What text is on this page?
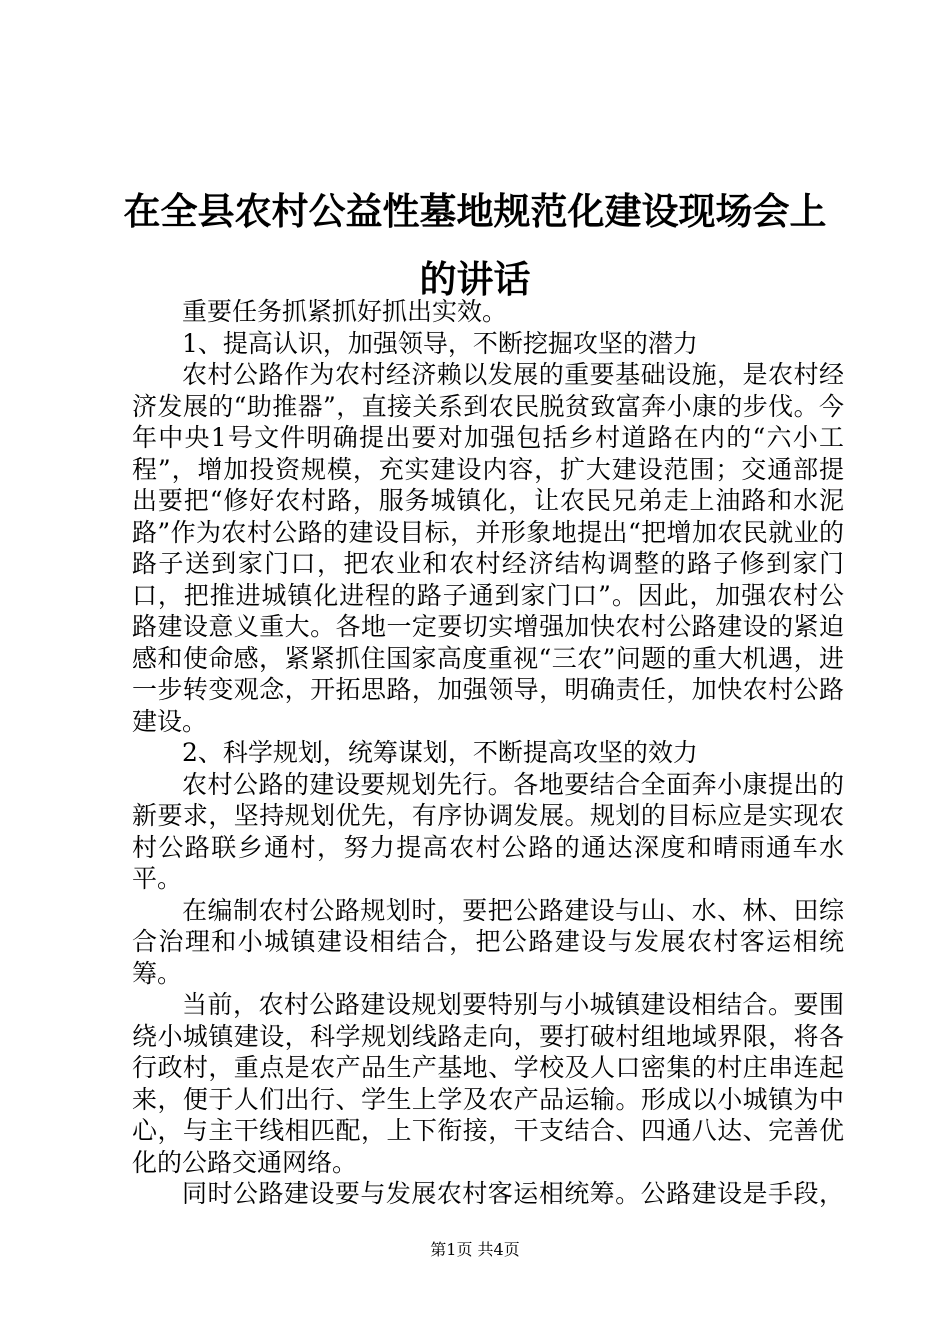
在全县农村公益性墓地规范化建设现场会上的讲话

重要任务抓紧抓好抓出实效。

1、提高认识，加强领导，不断挖掘攻坚的潜力

农村公路作为农村经济赖以发展的重要基础设施，是农村经济发展的“助推器”，直接关系到农民脱贫致富奔小康的步伐。今年中央1号文件明确提出要对加强包括乡村道路在内的“六小工程”，增加投资规模，充实建设内容，扩大建设范围；交通部提出要把“修好农村路，服务城镇化，让农民兄弟走上油路和水泥路”作为农村公路的建设目标，并形象地提出“把增加农民就业的路子送到家门口，把农业和农村经济结构调整的路子修到家门口，把推进城镇化进程的路子通到家门口”。因此，加强农村公路建设意义重大。各地一定要切实增强加快农村公路建设的紧迫感和使命感，紧紧抓住国家高度重视“三农”问题的重大机遇，进一步转变观念，开拓思路，加强领导，明确责任，加快农村公路建设。

2、科学规划，统筹谋划，不断提高攻坚的效力

农村公路的建设要规划先行。各地要结合全面奔小康提出的新要求，坚持规划优先，有序协调发展。规划的目标应是实现农村公路联乡通村，努力提高农村公路的通达深度和晴雨通车水平。

在编制农村公路规划时，要把公路建设与山、水、林、田综合治理和小城镇建设相结合，把公路建设与发展农村客运相统筹。

当前，农村公路建设规划要特别与小城镇建设相结合。要围绕小城镇建设，科学规划线路走向，要打破村组地域界限，将各行政村，重点是农产品生产基地、学校及人口密集的村庄串连起来，便于人们出行、学生上学及农产品运输。形成以小城镇为中心，与主干线相匹配，上下衔接，干支结合、四通八达、完善优化的公路交通网络。

同时公路建设要与发展农村客运相统筹。公路建设是手段，

第1页 共4页
